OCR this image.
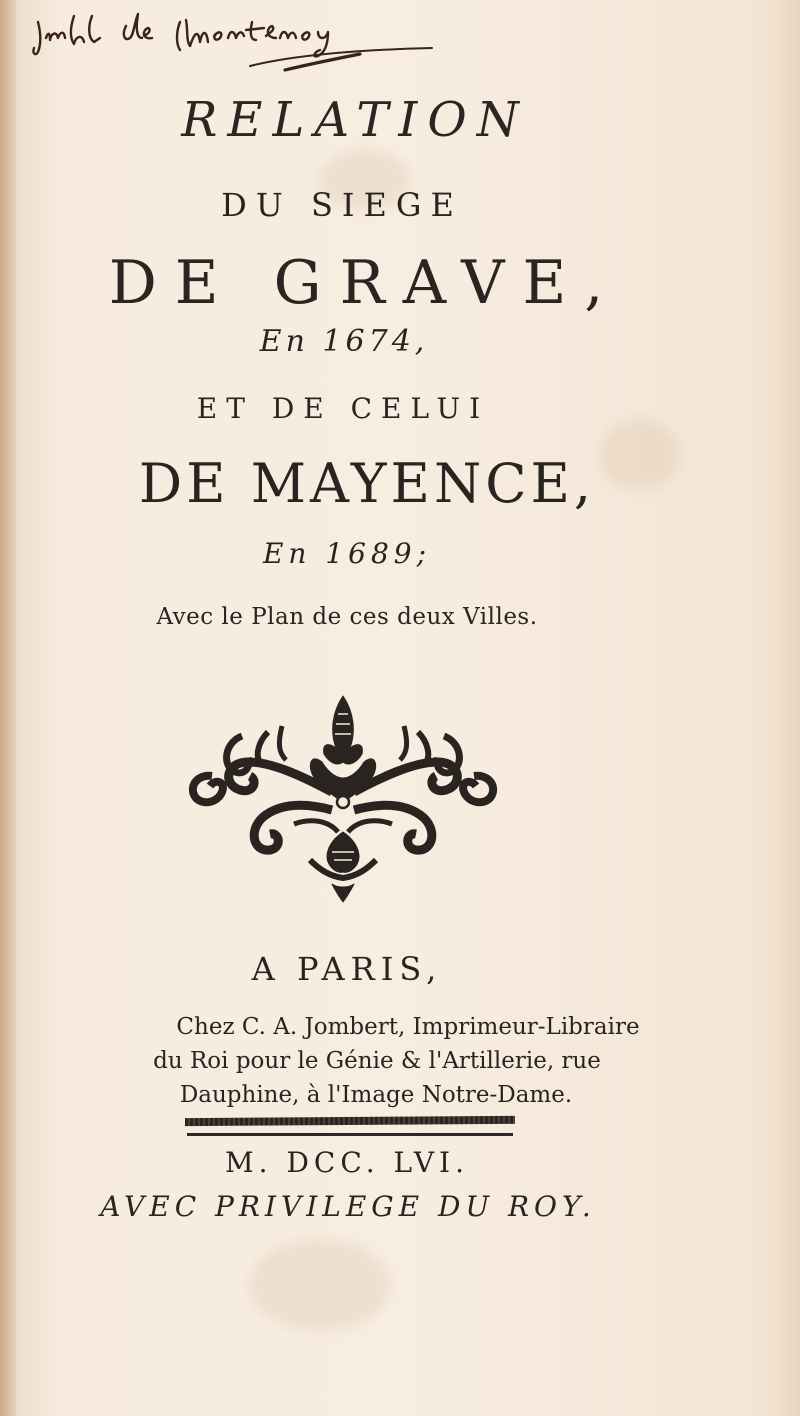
RELATION
DU SIEGE
DE GRAVE,
En 1674,
ET DE CELUI
DE MAYENCE,
En 1689;
Avec le Plan de ces deux Villes.
A PARIS,
Chez C. A. Jombert, Imprimeur-Libraire
du Roi pour le Génie & l'Artillerie, rue
Dauphine, à l'Image Notre-Dame.
M. DCC. LVI.
AVEC PRIVILEGE DU ROY.
